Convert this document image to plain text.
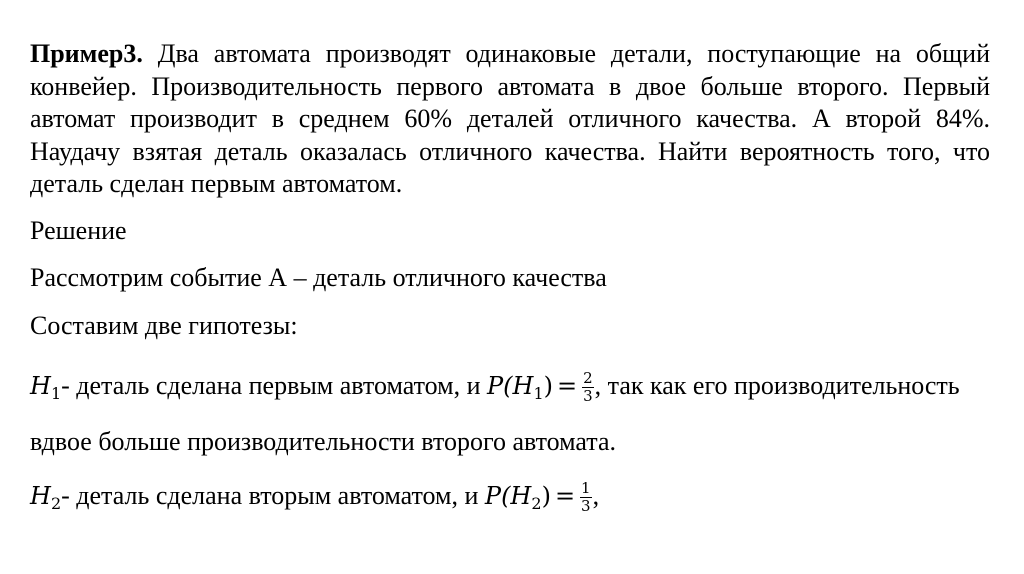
Пример3. Два автомата производят одинаковые детали, поступающие на общий конвейер. Производительность первого автомата в двое больше второго. Первый автомат производит в среднем 60% деталей отличного качества. А второй 84%. Наудачу взятая деталь оказалась отличного качества. Найти вероятность того, что деталь сделан первым автоматом.

Решение

Рассмотрим событие А – деталь отличного качества

Составим две гипотезы:

$H_1-$ деталь сделана первым автоматом, и $P(H_1) = \frac{2}{3}$ , так как его производительность вдвое больше производительности второго автомата.

$H_2-$ деталь сделана вторым автоматом, и $P(H_2) = \frac{1}{3}$ ,
